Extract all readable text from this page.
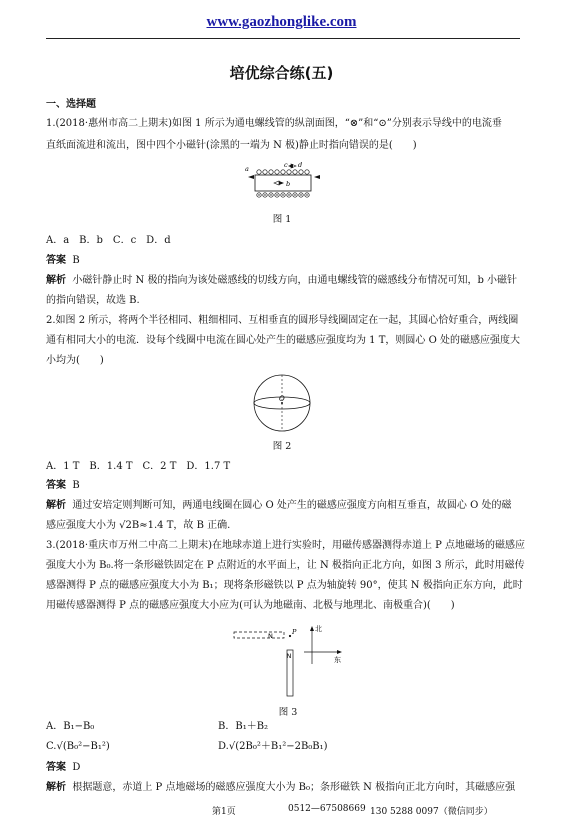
www.gaozhonglike.com
培优综合练(五)
一、选择题
1.(2018·惠州市高二上期末)如图 1 所示为通电螺线管的纵剖面图，“⊗”和“⊙”分别表示导线中的电流垂
直纸面流进和流出，图中四个小磁针(涂黑的一端为 N 极)静止时指向错误的是(　　)
a
b
c d
图 1
A．a　B．b　C．c　D．d
答案 B
解析 小磁针静止时 N 极的指向为该处磁感线的切线方向，由通电螺线管的磁感线分布情况可知，b 小磁针
的指向错误，故选 B.
2.如图 2 所示，将两个半径相同、粗细相同、互相垂直的圆形导线圈固定在一起，其圆心恰好重合，两线圈
通有相同大小的电流．设每个线圈中电流在圆心处产生的磁感应强度均为 1 T，则圆心 O 处的磁感应强度大
小均为(　　)
O
图 2
A．1 T　B．1.4 T　C．2 T　D．1.7 T
答案 B
解析 通过安培定则判断可知，两通电线圈在圆心 O 处产生的磁感应强度方向相互垂直，故圆心 O 处的磁
感应强度大小为 √2B≈1.4 T，故 B 正确.
3.(2018·重庆市万州二中高二上期末)在地球赤道上进行实验时，用磁传感器测得赤道上 P 点地磁场的磁感应
强度大小为 B₀.将一条形磁铁固定在 P 点附近的水平面上，让 N 极指向正北方向，如图 3 所示，此时用磁传
感器测得 P 点的磁感应强度大小为 B₁；现将条形磁铁以 P 点为轴旋转 90°，使其 N 极指向正东方向，此时
用磁传感器测得 P 点的磁感应强度大小应为(可认为地磁南、北极与地理北、南极重合)(　　)
N	P
N
北
东
图 3
A．B₁−B₀	B．B₁＋B₂
C.√(B₀²−B₁²)	D.√(2B₀²＋B₁²−2B₀B₁)
答案 D
解析 根据题意，赤道上 P 点地磁场的磁感应强度大小为 B₀；条形磁铁 N 极指向正北方向时，其磁感应强
第1页	0512—67508669 130 5288 0097（微信同步）
